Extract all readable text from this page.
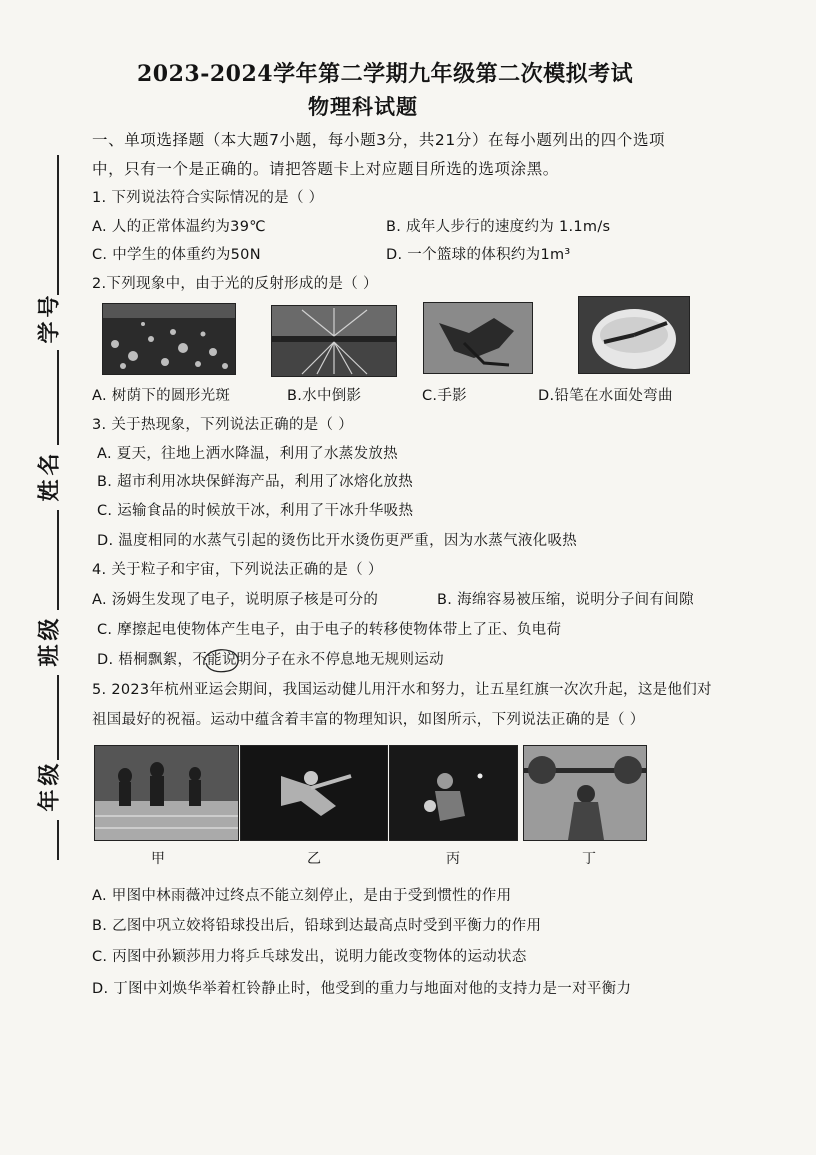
2023-2024学年第二学期九年级第二次模拟考试
物理科试题
学号
姓名
班级
年级
一、单项选择题（本大题7小题，每小题3分，共21分）在每小题列出的四个选项
中，只有一个是正确的。请把答题卡上对应题目所选的选项涂黑。
1. 下列说法符合实际情况的是（ ）
A. 人的正常体温约为39℃	B. 成年人步行的速度约为 1.1m/s
C. 中学生的体重约为50N	D. 一个篮球的体积约为1m³
2.下列现象中，由于光的反射形成的是（ ）
A. 树荫下的圆形光斑	B.水中倒影	C.手影	D.铅笔在水面处弯曲
3. 关于热现象，下列说法正确的是（ ）
A. 夏天，往地上洒水降温，利用了水蒸发放热
B. 超市利用冰块保鲜海产品，利用了冰熔化放热
C. 运输食品的时候放干冰，利用了干冰升华吸热
D. 温度相同的水蒸气引起的烫伤比开水烫伤更严重，因为水蒸气液化吸热
4. 关于粒子和宇宙，下列说法正确的是（ ）
A. 汤姆生发现了电子，说明原子核是可分的	B. 海绵容易被压缩，说明分子间有间隙
C. 摩擦起电使物体产生电子，由于电子的转移使物体带上了正、负电荷
D. 梧桐飘絮，不能说明分子在永不停息地无规则运动
5. 2023年杭州亚运会期间，我国运动健儿用汗水和努力，让五星红旗一次次升起，这是他们对
祖国最好的祝福。运动中蕴含着丰富的物理知识，如图所示，下列说法正确的是（ ）
甲	乙	丙	丁
A. 甲图中林雨薇冲过终点不能立刻停止，是由于受到惯性的作用
B. 乙图中巩立姣将铅球投出后，铅球到达最高点时受到平衡力的作用
C. 丙图中孙颖莎用力将乒乓球发出，说明力能改变物体的运动状态
D. 丁图中刘焕华举着杠铃静止时，他受到的重力与地面对他的支持力是一对平衡力
